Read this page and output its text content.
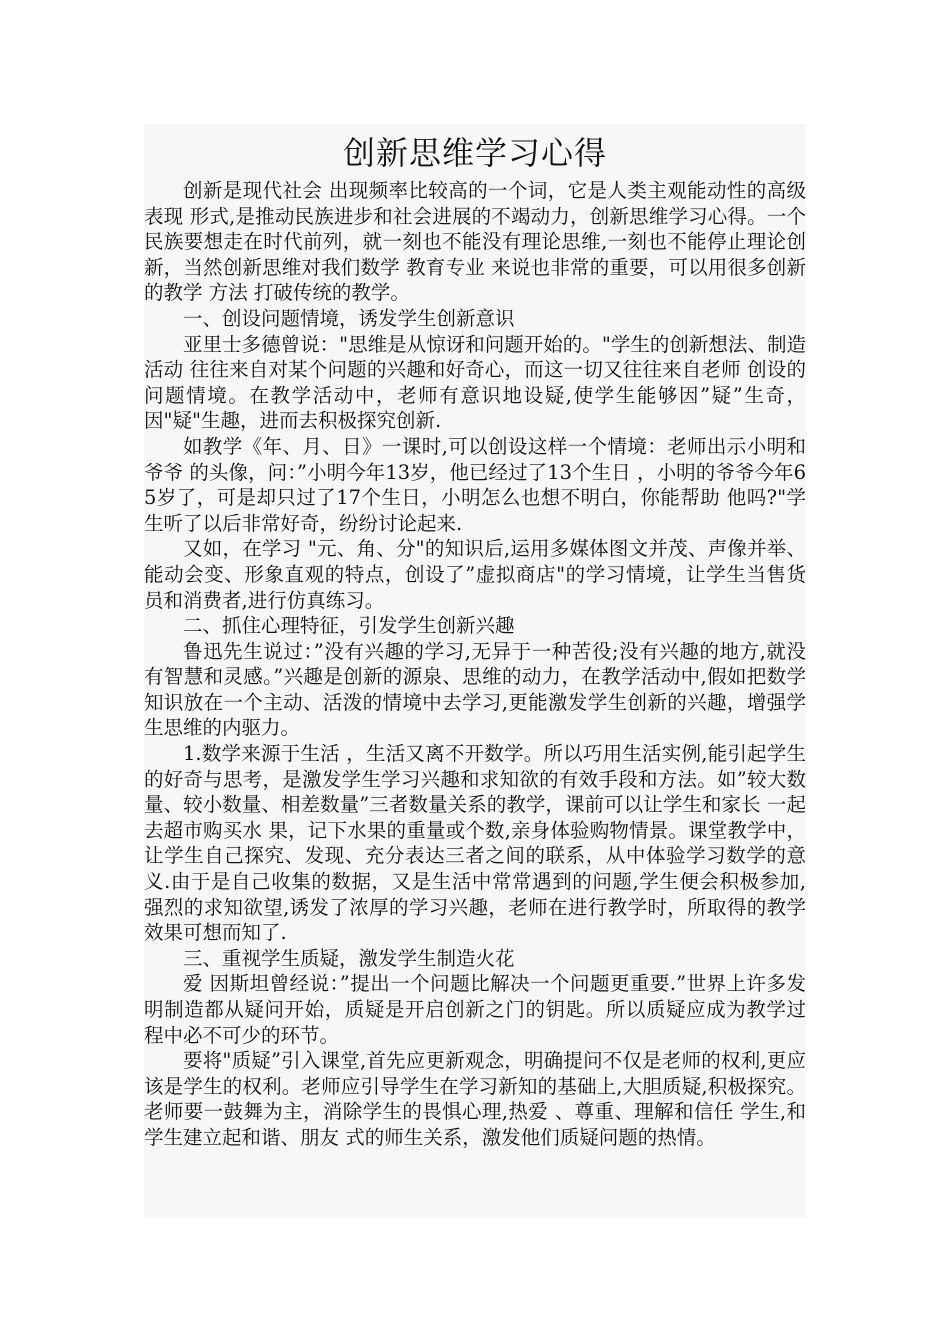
创新思维学习心得

创新是现代社会 出现频率比较高的一个词，它是人类主观能动性的高级表现 形式,是推动民族进步和社会进展的不竭动力，创新思维学习心得。一个民族要想走在时代前列，就一刻也不能没有理论思维,一刻也不能停止理论创新，当然创新思维对我们数学 教育专业 来说也非常的重要，可以用很多创新的教学 方法 打破传统的教学。

一、创设问题情境，诱发学生创新意识

亚里士多德曾说："思维是从惊讶和问题开始的。"学生的创新想法、制造活动 往往来自对某个问题的兴趣和好奇心，而这一切又往往来自老师 创设的问题情境。在教学活动中，老师有意识地设疑,使学生能够因”疑”生奇，因"疑"生趣，进而去积极探究创新.

如教学《年、月、日》一课时,可以创设这样一个情境：老师出示小明和爷爷 的头像，问：”小明今年13岁，他已经过了13个生日 ，小明的爷爷今年65岁了，可是却只过了17个生日，小明怎么也想不明白，你能帮助 他吗?"学生听了以后非常好奇，纷纷讨论起来.

又如，在学习 "元、角、分"的知识后,运用多媒体图文并茂、声像并举、能动会变、形象直观的特点，创设了”虚拟商店"的学习情境，让学生当售货员和消费者,进行仿真练习。

二、抓住心理特征，引发学生创新兴趣

鲁迅先生说过：”没有兴趣的学习,无异于一种苦役;没有兴趣的地方,就没有智慧和灵感。”兴趣是创新的源泉、思维的动力，在教学活动中,假如把数学知识放在一个主动、活泼的情境中去学习,更能激发学生创新的兴趣，增强学生思维的内驱力。

1.数学来源于生活 ，生活又离不开数学。所以巧用生活实例,能引起学生的好奇与思考，是激发学生学习兴趣和求知欲的有效手段和方法。如”较大数量、较小数量、相差数量”三者数量关系的教学，课前可以让学生和家长 一起去超市购买水 果，记下水果的重量或个数,亲身体验购物情景。课堂教学中，让学生自己探究、发现、充分表达三者之间的联系，从中体验学习数学的意义.由于是自己收集的数据，又是生活中常常遇到的问题,学生便会积极参加,强烈的求知欲望,诱发了浓厚的学习兴趣，老师在进行教学时，所取得的教学效果可想而知了.

三、重视学生质疑，激发学生制造火花

爱 因斯坦曾经说：”提出一个问题比解决一个问题更重要.”世界上许多发明制造都从疑问开始，质疑是开启创新之门的钥匙。所以质疑应成为教学过程中必不可少的环节。

要将"质疑”引入课堂,首先应更新观念，明确提问不仅是老师的权利,更应该是学生的权利。老师应引导学生在学习新知的基础上,大胆质疑,积极探究。老师要一鼓舞为主，消除学生的畏惧心理,热爱 、尊重、理解和信任 学生,和学生建立起和谐、朋友 式的师生关系，激发他们质疑问题的热情。
